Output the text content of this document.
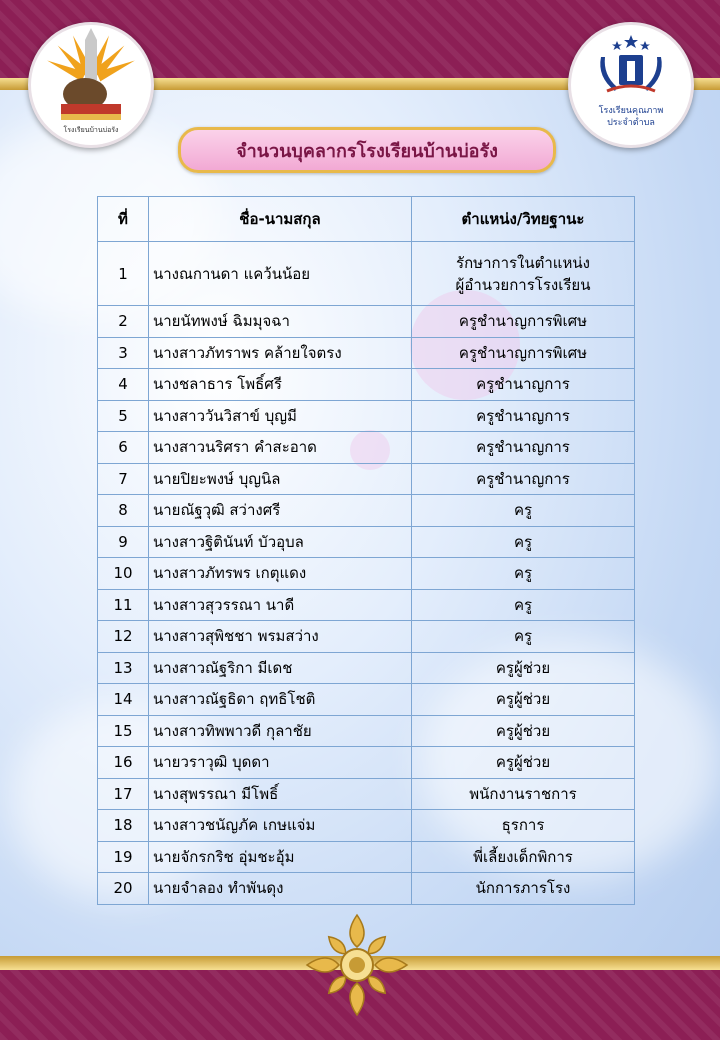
โรงเรียนบ้านบ่อรัง
โรงเรียนคุณภาพ
ประจำตำบล
จำนวนบุคลากรโรงเรียนบ้านบ่อรัง
ที่	ชื่อ-นามสกุล	ตำแหน่ง/วิทยฐานะ
1	นางณกานดา แคว้นน้อย	รักษาการในตำแหน่ง
ผู้อำนวยการโรงเรียน

2	นายนัทพงษ์ ฉิมมุจฉา	ครูชำนาญการพิเศษ
3	นางสาวภัทราพร คล้ายใจตรง	ครูชำนาญการพิเศษ
4	นางชลาธาร โพธิ์ศรี	ครูชำนาญการ
5	นางสาววันวิสาข์ บุญมี	ครูชำนาญการ
6	นางสาวนริศรา คำสะอาด	ครูชำนาญการ
7	นายปิยะพงษ์ บุญนิล	ครูชำนาญการ
8	นายณัฐวุฒิ สว่างศรี	ครู
9	นางสาวฐิตินันท์ บัวอุบล	ครู
10	นางสาวภัทรพร เกตุแดง	ครู
11	นางสาวสุวรรณา นาดี	ครู
12	นางสาวสุพิชชา พรมสว่าง	ครู
13	นางสาวณัฐริกา มีเดช	ครูผู้ช่วย
14	นางสาวณัฐธิดา ฤทธิโชติ	ครูผู้ช่วย
15	นางสาวทิพพาวดี กุลาชัย	ครูผู้ช่วย
16	นายวราวุฒิ บุดดา	ครูผู้ช่วย
17	นางสุพรรณา มีโพธิ์	พนักงานราชการ
18	นางสาวชนัญภัค เกษแจ่ม	ธุรการ
19	นายจักรกริช อุ่มชะอุ้ม	พี่เลี้ยงเด็กพิการ
20	นายจำลอง ทำพันดุง	นักการภารโรง
